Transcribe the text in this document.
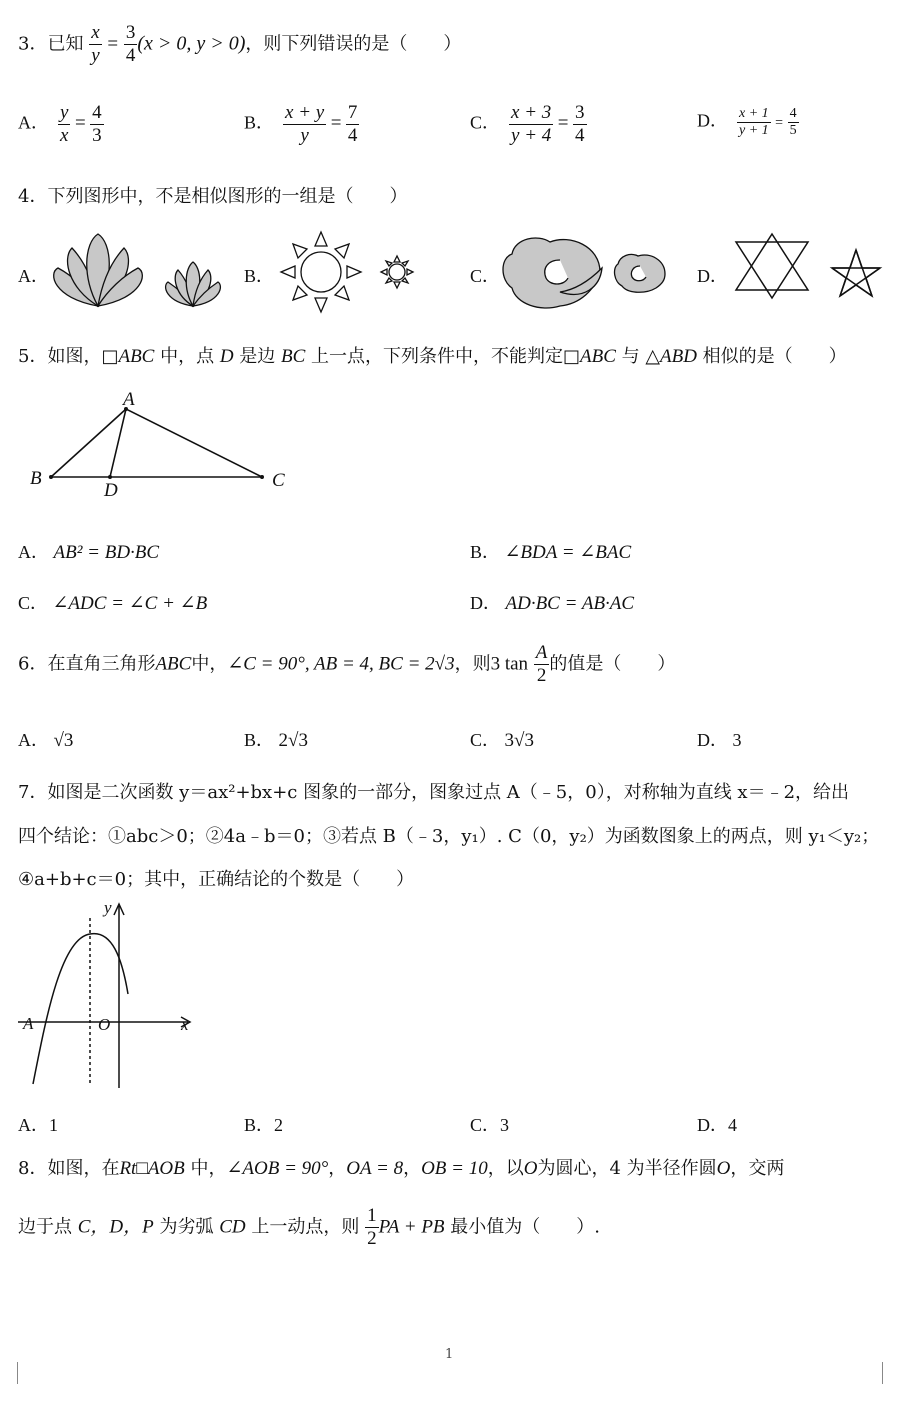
3．已知 $\frac{x}{y} = \frac{3}{4} (x > 0$, y > 0)，则下列错误的是（　　）
A． $\frac{y}{x} = \frac{4}{3}$	B． $\frac{x + y}{y} = \frac{7}{4}$	C． $\frac{x + 3}{y + 4} = \frac{3}{4}$	D． $\frac{x + 1}{y + 1} = \frac{4}{5}$
4．下列图形中，不是相似图形的一组是（　　）
A．	B．	C．	D．
5．如图，□ABC 中，点 D 是边 BC 上一点，下列条件中，不能判定□ABC 与 △ABD 相似的是（　　）
A
B	C
D
A． AB² = BD·BC	B． ∠BDA = ∠BAC
C． ∠ADC = ∠C + ∠B	D． AD·BC = AB·AC
6．在直角三角形ABC中，∠C = 90°, AB = 4, BC = 2√3，则3 $\tan \frac{A}{2}$ 的值是（　　）
A． √3	B． 2√3	C． 3√3	D． 3
7．如图是二次函数 y＝ax²+bx+c 图象的一部分，图象过点 A（﹣5，0），对称轴为直线 x＝﹣2，给出
四个结论：①abc＞0；②4a﹣b＝0；③若点 B（﹣3，y₁）. C（0，y₂）为函数图象上的两点，则 y₁＜y₂；
④a+b+c＝0；其中，正确结论的个数是（　　）
y
x
A	O
A．1	B．2	C．3	D．4
8．如图，在Rt□AOB 中，∠AOB = 90°，OA = 8，OB = 10，以O为圆心，4 为半径作圆O，交两
边于点 C，D，P 为劣弧 CD 上一动点，则 $\frac{1}{2}$ PA + PB 最小值为（　　）.
1
